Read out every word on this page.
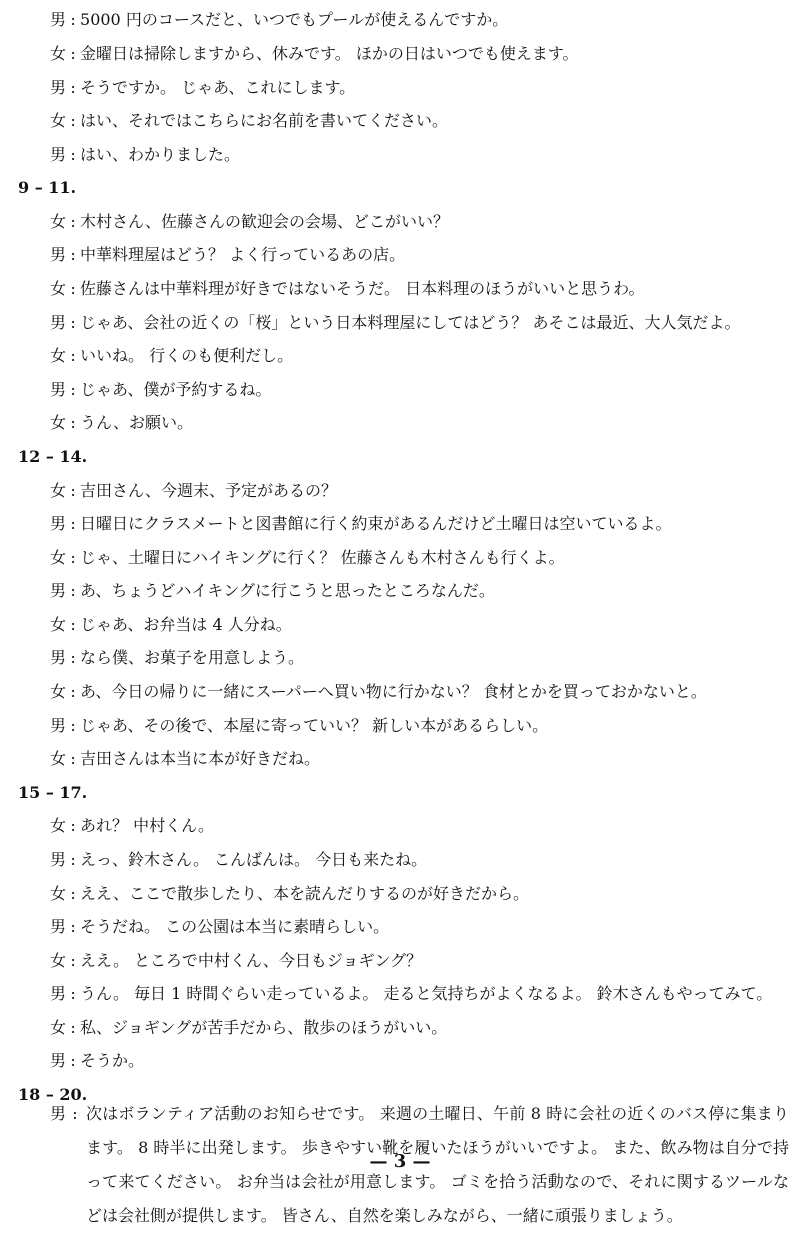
男 : 5000 円のコースだと、いつでもプールが使えるんですか。
女 : 金曜日は掃除しますから、休みです。 ほかの日はいつでも使えます。
男 : そうですか。 じゃあ、これにします。
女 : はい、それではこちらにお名前を書いてください。
男 : はい、わかりました。
9 – 11.
女 : 木村さん、佐藤さんの歓迎会の会場、どこがいい？
男 : 中華料理屋はどう？ よく行っているあの店。
女 : 佐藤さんは中華料理が好きではないそうだ。 日本料理のほうがいいと思うわ。
男 : じゃあ、会社の近くの「桜」という日本料理屋にしてはどう？ あそこは最近、大人気だよ。
女 : いいね。 行くのも便利だし。
男 : じゃあ、僕が予約するね。
女 : うん、お願い。
12 – 14.
女 : 吉田さん、今週末、予定があるの？
男 : 日曜日にクラスメートと図書館に行く約束があるんだけど土曜日は空いているよ。
女 : じゃ、土曜日にハイキングに行く？ 佐藤さんも木村さんも行くよ。
男 : あ、ちょうどハイキングに行こうと思ったところなんだ。
女 : じゃあ、お弁当は 4 人分ね。
男 : なら僕、お菓子を用意しよう。
女 : あ、今日の帰りに一緒にスーパーへ買い物に行かない？ 食材とかを買っておかないと。
男 : じゃあ、その後で、本屋に寄っていい？ 新しい本があるらしい。
女 : 吉田さんは本当に本が好きだね。
15 – 17.
女 : あれ？ 中村くん。
男 : えっ、鈴木さん。 こんばんは。 今日も来たね。
女 : ええ、ここで散歩したり、本を読んだりするのが好きだから。
男 : そうだね。 この公園は本当に素晴らしい。
女 : ええ。 ところで中村くん、今日もジョギング？
男 : うん。 毎日 1 時間ぐらい走っているよ。 走ると気持ちがよくなるよ。 鈴木さんもやってみて。
女 : 私、ジョギングが苦手だから、散歩のほうがいい。
男 : そうか。
18 – 20.
男 : 次はボランティア活動のお知らせです。 来週の土曜日、午前 8 時に会社の近くのバス停に集まります。 8 時半に出発します。 歩きやすい靴を履いたほうがいいですよ。 また、飲み物は自分で持って来てください。 お弁当は会社が用意します。 ゴミを拾う活動なので、それに関するツールなどは会社側が提供します。 皆さん、自然を楽しみながら、一緒に頑張りましょう。
— 3 —
